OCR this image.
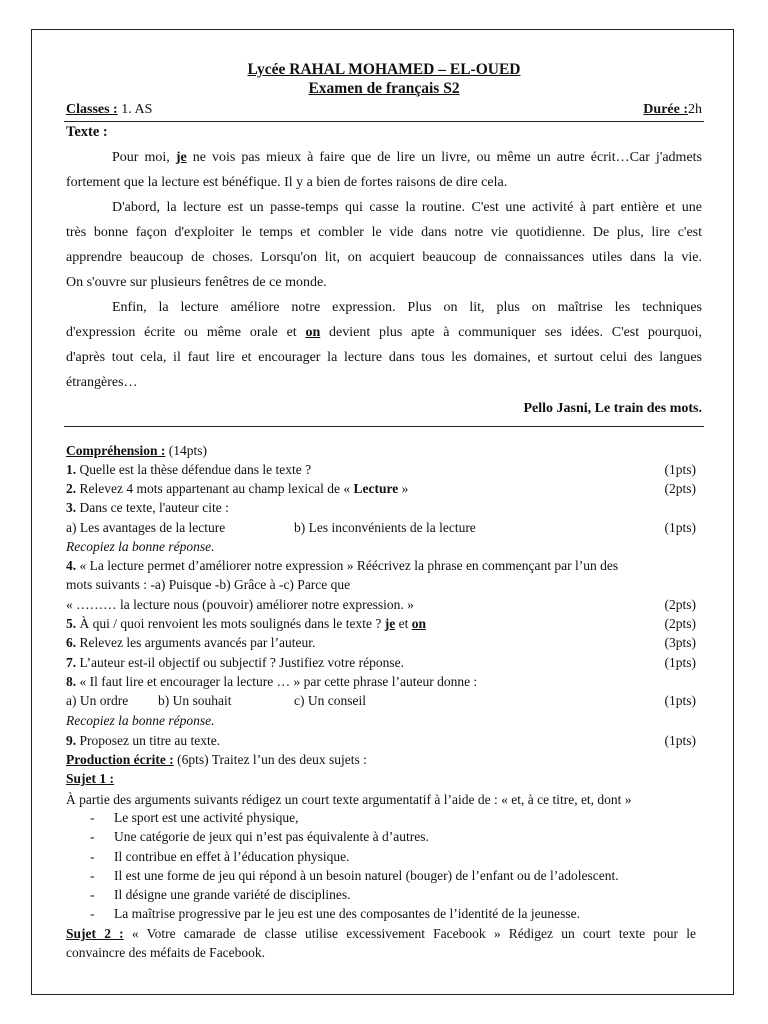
Lycée RAHAL MOHAMED – EL-OUED
Examen de français S2
Classes : 1. AS	Durée :2h
Texte :
Pour moi, je ne vois pas mieux à faire que de lire un livre, ou même un autre écrit…Car j'admets
fortement que la lecture est bénéfique. Il y a bien de fortes raisons de dire cela.
D'abord, la lecture est un passe-temps qui casse la routine. C'est une activité à part entière et une
très bonne façon d'exploiter le temps et combler le vide dans notre vie quotidienne. De plus, lire c'est
apprendre beaucoup de choses. Lorsqu'on lit, on acquiert beaucoup de connaissances utiles dans la vie.
On s'ouvre sur plusieurs fenêtres de ce monde.
Enfin, la lecture améliore notre expression. Plus on lit, plus on maîtrise les techniques
d'expression écrite ou même orale et on devient plus apte à communiquer ses idées. C'est pourquoi,
d'après tout cela, il faut lire et encourager la lecture dans tous les domaines, et surtout celui des langues
étrangères…
Pello Jasni, Le train des mots.
Compréhension : (14pts)
1. Quelle est la thèse défendue dans le texte ?	(1pts)
2. Relevez 4 mots appartenant au champ lexical de « Lecture »	(2pts)
3. Dans ce texte, l'auteur cite :
a) Les avantages de la lecture	b) Les inconvénients de la lecture	(1pts)
Recopiez la bonne réponse.
4. « La lecture permet d’améliorer notre expression » Réécrivez la phrase en commençant par l’un des
mots suivants : -a) Puisque -b) Grâce à -c) Parce que
« ……… la lecture nous (pouvoir) améliorer notre expression. »	(2pts)
5. À qui / quoi renvoient les mots soulignés dans le texte ? je et on	(2pts)
6. Relevez les arguments avancés par l’auteur.	(3pts)
7. L’auteur est-il objectif ou subjectif ? Justifiez votre réponse.	(1pts)
8. « Il faut lire et encourager la lecture … » par cette phrase l’auteur donne :
a) Un ordre b) Un souhait	c) Un conseil	(1pts)
Recopiez la bonne réponse.
9. Proposez un titre au texte.	(1pts)
Production écrite : (6pts) Traitez l’un des deux sujets :
Sujet 1 :
À partie des arguments suivants rédigez un court texte argumentatif à l’aide de : « et, à ce titre, et, dont »
- Le sport est une activité physique,
- Une catégorie de jeux qui n’est pas équivalente à d’autres.
- Il contribue en effet à l’éducation physique.
- Il est une forme de jeu qui répond à un besoin naturel (bouger) de l’enfant ou de l’adolescent.
- Il désigne une grande variété de disciplines.
- La maîtrise progressive par le jeu est une des composantes de l’identité de la jeunesse.
Sujet 2 : « Votre camarade de classe utilise excessivement Facebook » Rédigez un court texte pour le
convaincre des méfaits de Facebook.
